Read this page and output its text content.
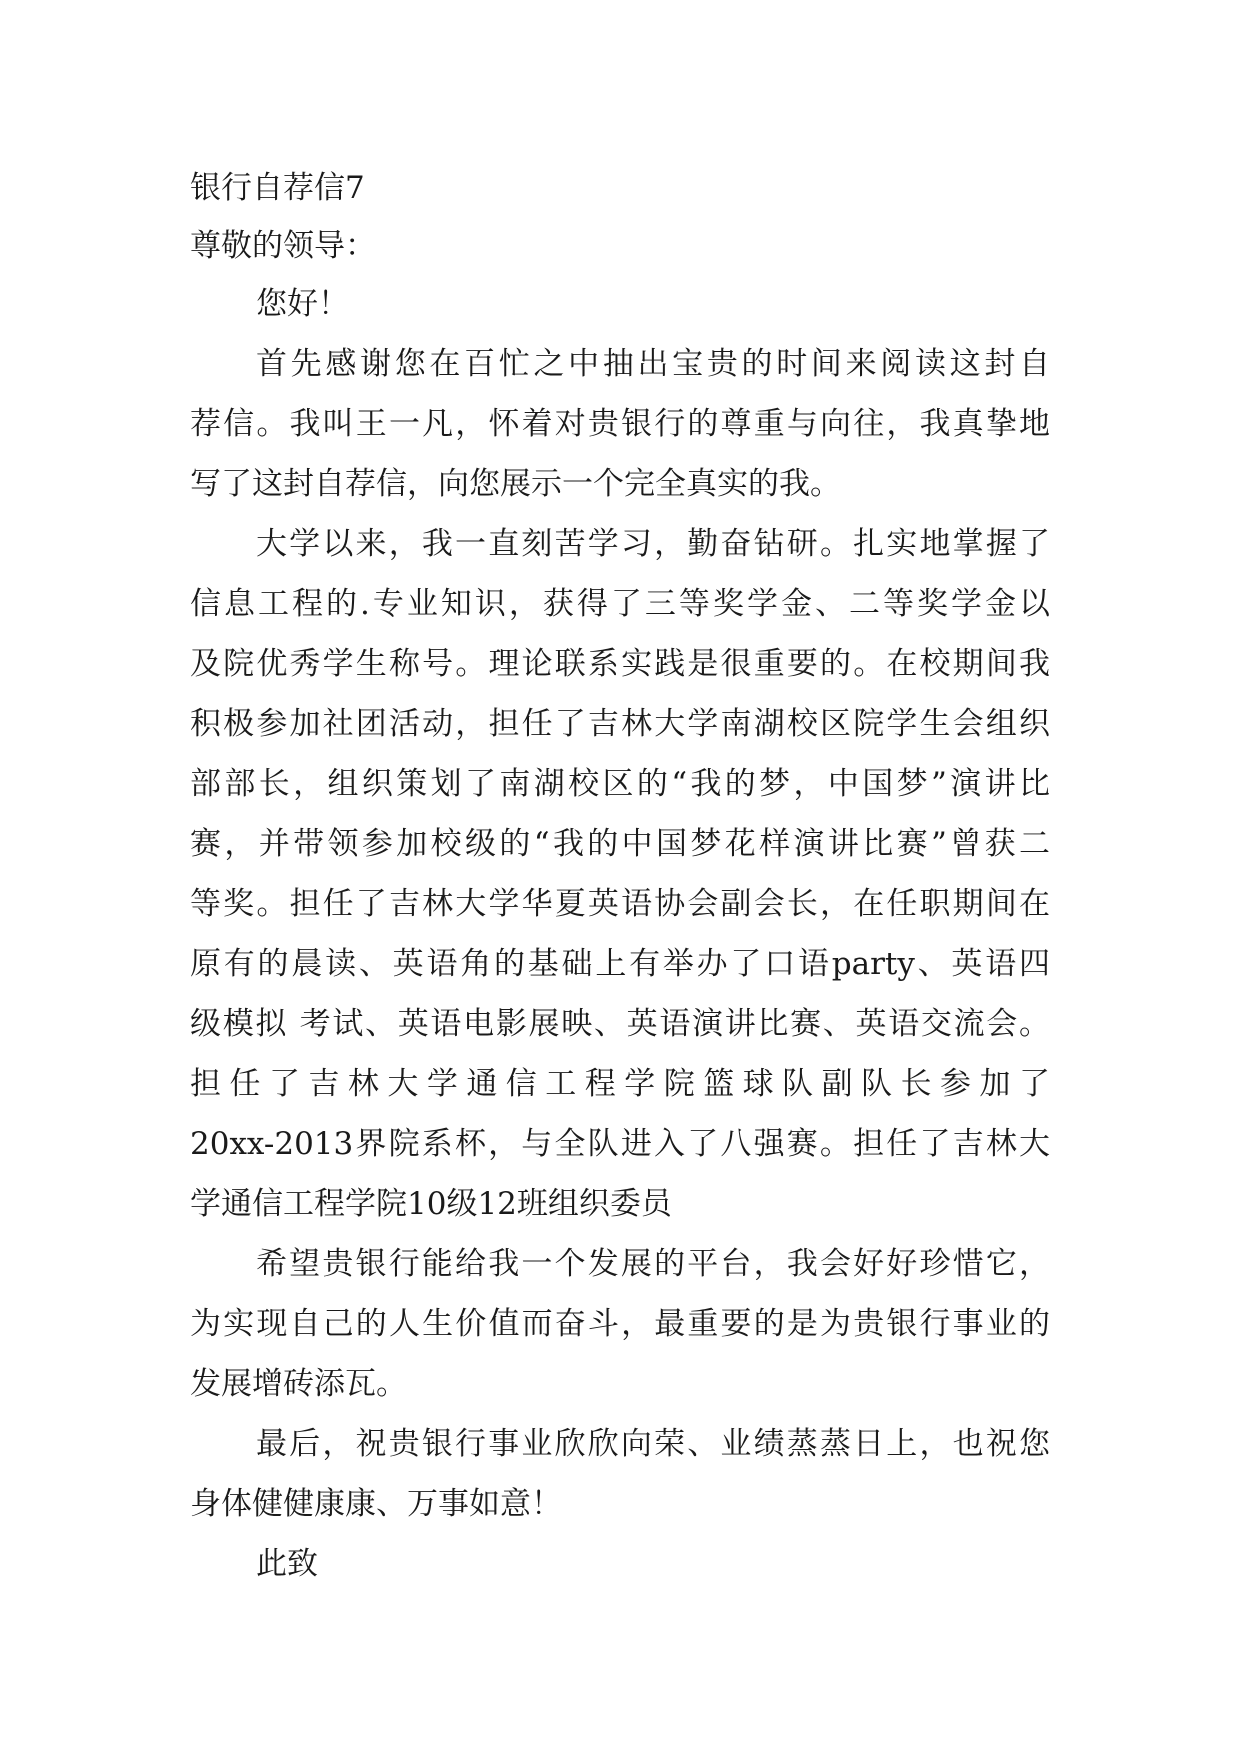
银行自荐信7
尊敬的领导：
您好！
首先感谢您在百忙之中抽出宝贵的时间来阅读这封自
荐信。我叫王一凡，怀着对贵银行的尊重与向往，我真挚地
写了这封自荐信，向您展示一个完全真实的我。
大学以来，我一直刻苦学习，勤奋钻研。扎实地掌握了
信息工程的.专业知识，获得了三等奖学金、二等奖学金以
及院优秀学生称号。理论联系实践是很重要的。在校期间我
积极参加社团活动，担任了吉林大学南湖校区院学生会组织
部部长，组织策划了南湖校区的“我的梦，中国梦”演讲比
赛，并带领参加校级的“我的中国梦花样演讲比赛”曾获二
等奖。担任了吉林大学华夏英语协会副会长，在任职期间在
原有的晨读、英语角的基础上有举办了口语party、英语四
级模拟 考试、英语电影展映、英语演讲比赛、英语交流会。
担任了吉林大学通信工程学院篮球队副队长参加了
20xx-2013界院系杯，与全队进入了八强赛。担任了吉林大
学通信工程学院10级12班组织委员
希望贵银行能给我一个发展的平台，我会好好珍惜它，
为实现自己的人生价值而奋斗，最重要的是为贵银行事业的
发展增砖添瓦。
最后，祝贵银行事业欣欣向荣、业绩蒸蒸日上，也祝您
身体健健康康、万事如意！
此致
